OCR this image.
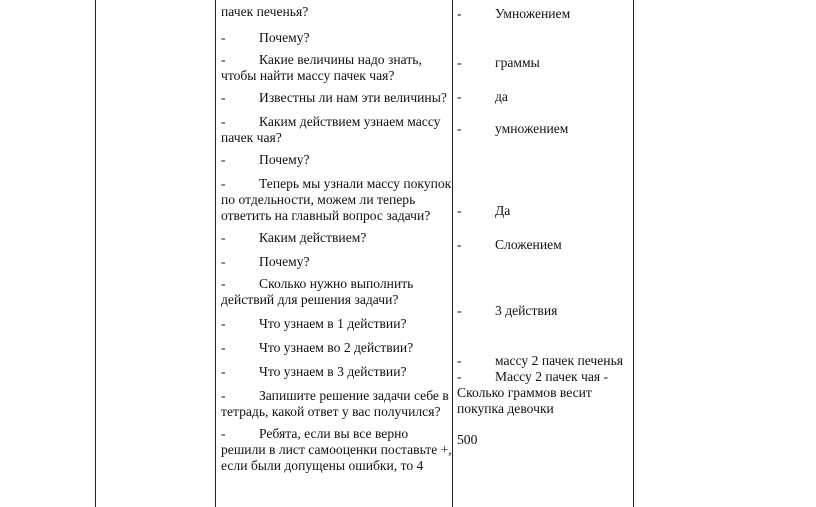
пачек печенья?
- Почему?
- Какие величины надо знать,
чтобы найти массу пачек чая?
- Известны ли нам эти величины?
- Каким действием узнаем массу
пачек чая?
- Почему?
- Теперь мы узнали массу покупок
по отдельности, можем ли теперь
ответить на главный вопрос задачи?
- Каким действием?
- Почему?
- Сколько нужно выполнить
действий для решения задачи?
- Что узнаем в 1 действии?
- Что узнаем во 2 действии?
- Что узнаем в 3 действии?
- Запишите решение задачи себе в
тетрадь, какой ответ у вас получился?
- Ребята, если вы все верно
решили в лист самооценки поставьте +,
если были допущены ошибки, то 4
- Умножением
- граммы
- да
- умножением
- Да
- Сложением
- 3 действия
- массу 2 пачек печенья
- Массу 2 пачек чая -
Сколько граммов весит
покупка девочки
500
